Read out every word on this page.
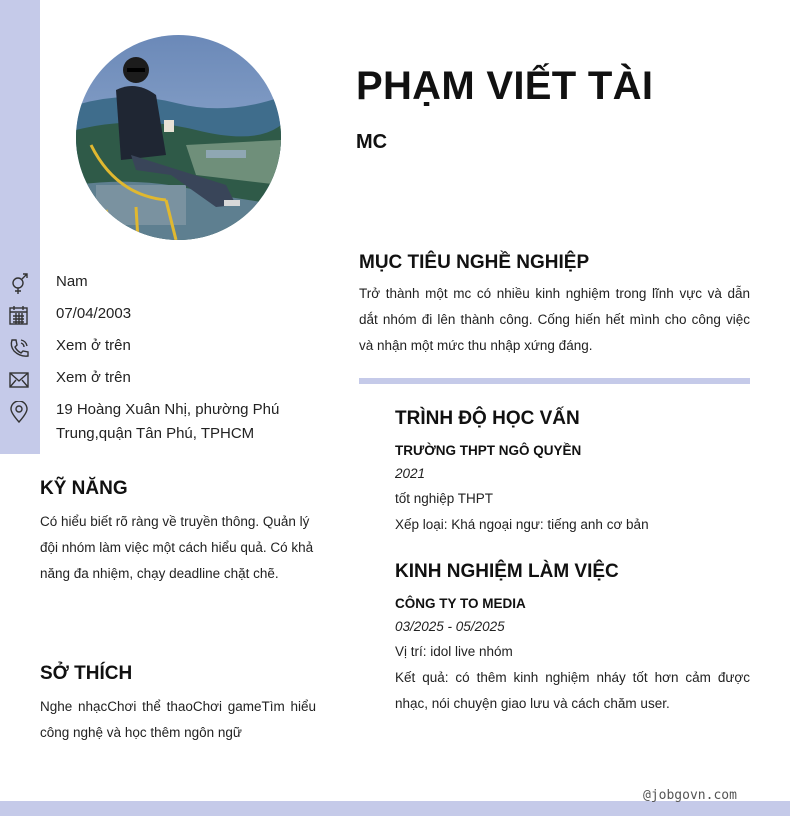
PHẠM VIẾT TÀI
MC
Nam
07/04/2003
Xem ở trên
Xem ở trên
19 Hoàng Xuân Nhị, phường Phú Trung,quận Tân Phú, TPHCM
KỸ NĂNG
Có hiểu biết rõ ràng về truyền thông. Quản lý đội nhóm làm việc một cách hiểu quả. Có khả năng đa nhiệm, chạy deadline chặt chẽ.
SỞ THÍCH
Nghe nhạcChơi thể thaoChơi gameTìm hiểu công nghệ và học thêm ngôn ngữ
MỤC TIÊU NGHỀ NGHIỆP
Trở thành một mc có nhiều kinh nghiệm trong lĩnh vực và dẫn dắt nhóm đi lên thành công. Cống hiến hết mình cho công việc và nhận một mức thu nhập xứng đáng.
TRÌNH ĐỘ HỌC VẤN
TRƯỜNG THPT NGÔ QUYỀN
2021
tốt nghiệp THPT
Xếp loại: Khá ngoại ngư: tiếng anh cơ bản
KINH NGHIỆM LÀM VIỆC
CÔNG TY TO MEDIA
03/2025 - 05/2025
Vị trí: idol live nhóm
Kết quả: có thêm kinh nghiệm nháy tốt hơn cảm được nhạc, nói chuyện giao lưu và cách chăm user.
@jobgovn.com
